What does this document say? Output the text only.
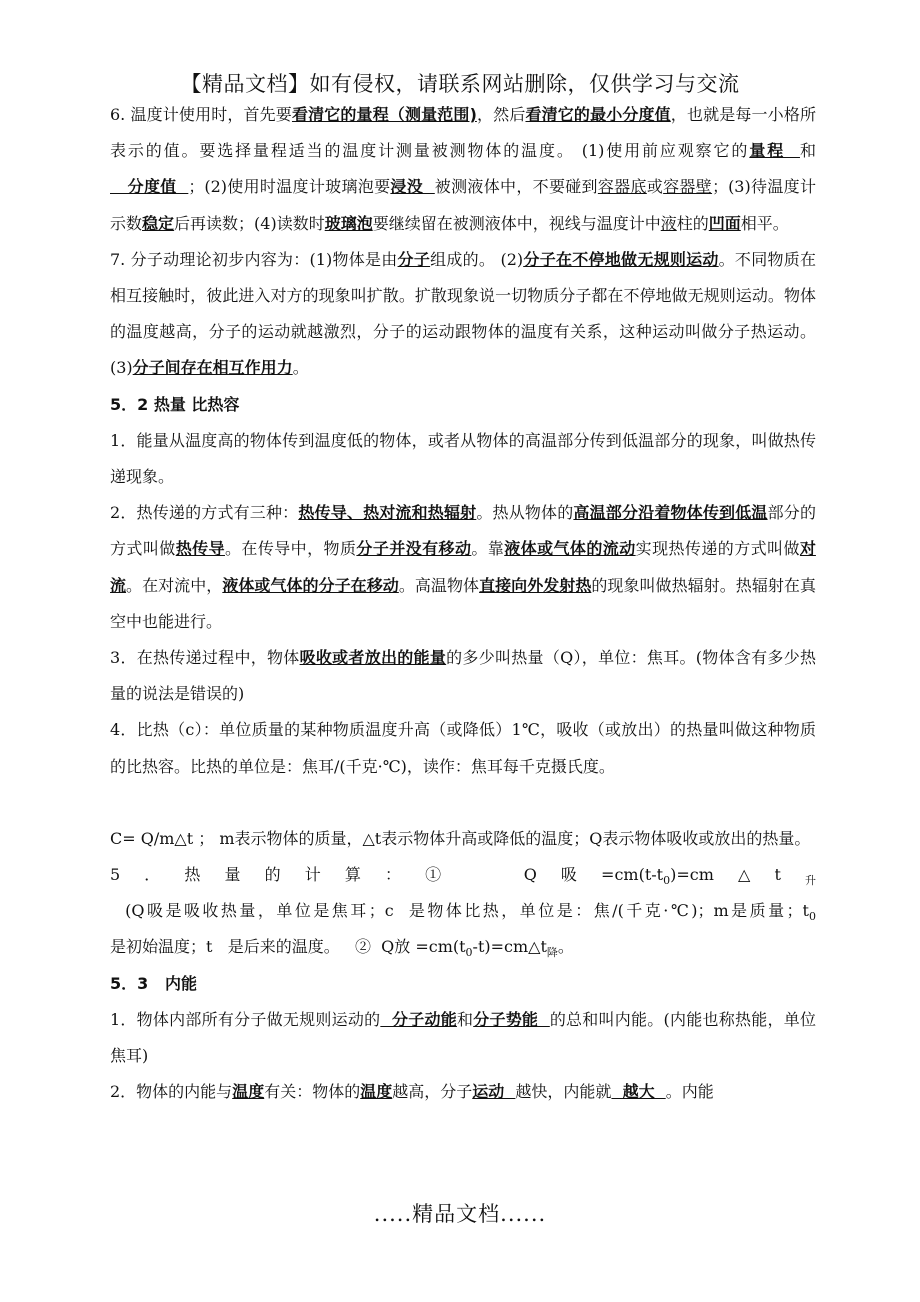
【精品文档】如有侵权，请联系网站删除，仅供学习与交流

6. 温度计使用时，首先要看清它的量程（测量范围)，然后看清它的最小分度值，也就是每一小格所表示的值。要选择量程适当的温度计测量被测物体的温度。 (1)使用前应观察它的量程  和   分度值  ；(2)使用时温度计玻璃泡要浸没  被测液体中，不要碰到容器底或容器壁；(3)待温度计示数稳定后再读数；(4)读数时玻璃泡要继续留在被测液体中，视线与温度计中液柱的凹面相平。

7. 分子动理论初步内容为：(1)物体是由分子组成的。 (2)分子在不停地做无规则运动。不同物质在相互接触时，彼此进入对方的现象叫扩散。扩散现象说一切物质分子都在不停地做无规则运动。物体的温度越高，分子的运动就越激烈，分子的运动跟物体的温度有关系，这种运动叫做分子热运动。(3)分子间存在相互作用力。

5．2 热量 比热容

1．能量从温度高的物体传到温度低的物体，或者从物体的高温部分传到低温部分的现象，叫做热传递现象。

2．热传递的方式有三种：热传导、热对流和热辐射。热从物体的高温部分沿着物体传到低温部分的方式叫做热传导。在传导中，物质分子并没有移动。靠液体或气体的流动实现热传递的方式叫做对流。在对流中，液体或气体的分子在移动。高温物体直接向外发射热的现象叫做热辐射。热辐射在真空中也能进行。

3．在热传递过程中，物体吸收或者放出的能量的多少叫热量（Q），单位：焦耳。(物体含有多少热量的说法是错误的)

4．比热（c）：单位质量的某种物质温度升高（或降低）1℃，吸收（或放出）的热量叫做这种物质的比热容。比热的单位是：焦耳/(千克·℃)，读作：焦耳每千克摄氏度。

C= Q/m△t ； m表示物体的质量，△t表示物体升高或降低的温度；Q表示物体吸收或放出的热量。

5．热量的计算：①  Q吸$=cm(t-t_0)=cm\triangle t_升$  (Q吸是吸收热量，单位是焦耳；c  是物体比热，单位是：焦/(千克·℃)；m是质量；$t_0$是初始温度；t   是后来的温度。   ②  Q放 $=cm(t_0-t)=cm\triangle t_降$。

5．3   内能

1．物体内部所有分子做无规则运动的  分子动能和分子势能  的总和叫内能。(内能也称热能，单位焦耳)

2．物体的内能与温度有关：物体的温度越高，分子运动  越快，内能就  越大  。内能

.....精品文档......
